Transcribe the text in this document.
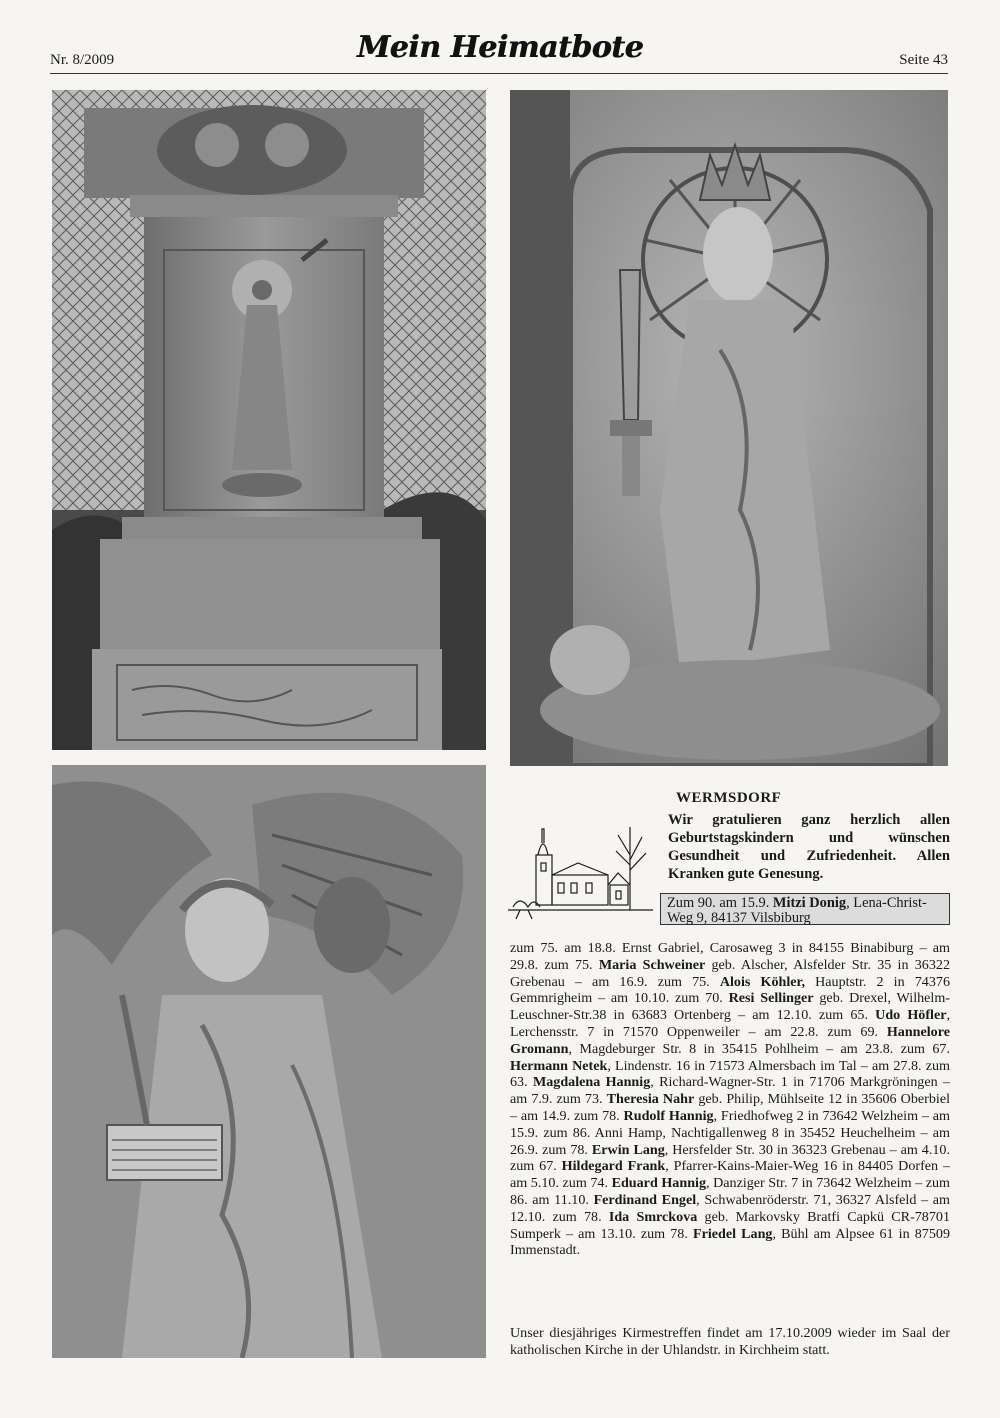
Nr. 8/2009	Mein Heimatbote	Seite 43
WERMSDORF
Wir gratulieren ganz herzlich allen Geburtstagskindern und wünschen Gesundheit und Zufriedenheit. Allen Kranken gute Genesung.
Zum 90. am 15.9. Mitzi Donig, Lena-Christ-Weg 9, 84137 Vilsbiburg
zum 75. am 18.8. Ernst Gabriel, Carosaweg 3 in 84155 Binabiburg – am 29.8. zum 75. Maria Schweiner geb. Alscher, Alsfelder Str. 35 in 36322 Grebenau – am 16.9. zum 75. Alois Köhler, Hauptstr. 2 in 74376 Gemmrigheim – am 10.10. zum 70. Resi Sellinger geb. Drexel, Wilhelm-Leuschner-Str.38 in 63683 Ortenberg – am 12.10. zum 65. Udo Höfler, Lerchensstr. 7 in 71570 Oppenweiler – am 22.8. zum 69. Hannelore Gromann, Magdeburger Str. 8 in 35415 Pohlheim – am 23.8. zum 67. Hermann Netek, Lindenstr. 16 in 71573 Almersbach im Tal – am 27.8. zum 63. Magdalena Hannig, Richard-Wagner-Str. 1 in 71706 Markgröningen – am 7.9. zum 73. Theresia Nahr geb. Philip, Mühlseite 12 in 35606 Oberbiel – am 14.9. zum 78. Rudolf Hannig, Friedhofweg 2 in 73642 Welzheim – am 15.9. zum 86. Anni Hamp, Nachtigallenweg 8 in 35452 Heuchelheim – am 26.9. zum 78. Erwin Lang, Hersfelder Str. 30 in 36323 Grebenau – am 4.10. zum 67. Hildegard Frank, Pfarrer-Kains-Maier-Weg 16 in 84405 Dorfen – am 5.10. zum 74. Eduard Hannig, Danziger Str. 7 in 73642 Welzheim – zum 86. am 11.10. Ferdinand Engel, Schwabenröderstr. 71, 36327 Alsfeld – am 12.10. zum 78. Ida Smrckova geb. Markovsky Bratfi Capkü CR-78701 Sumperk – am 13.10. zum 78. Friedel Lang, Bühl am Alpsee 61 in 87509 Immenstadt.
Unser diesjähriges Kirmestreffen findet am 17.10.2009 wieder im Saal der katholischen Kirche in der Uhlandstr. in Kirchheim statt.
